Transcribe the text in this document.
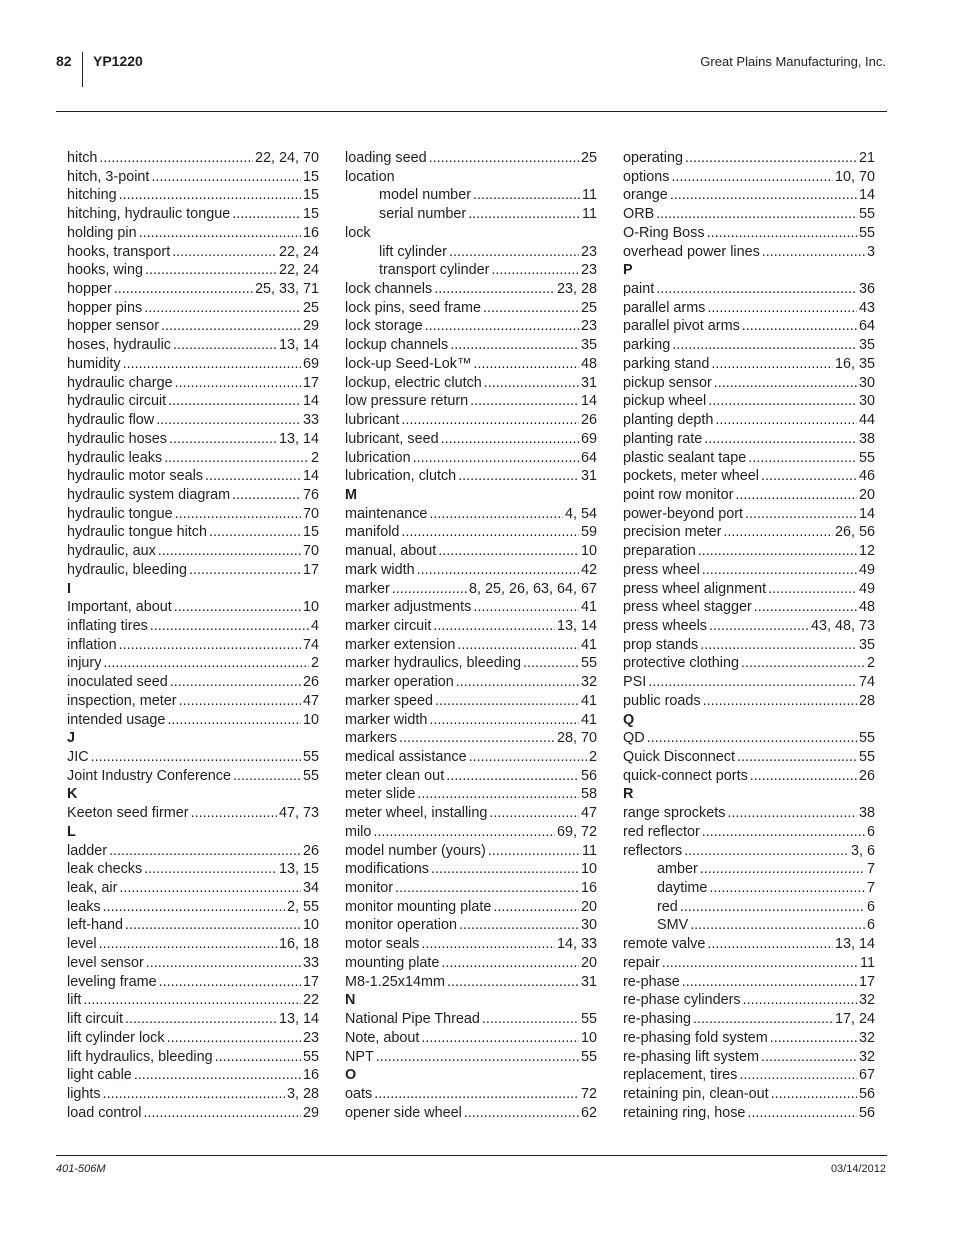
82 YP1220	Great Plains Manufacturing, Inc.
hitch .....	22, 24, 70
hitch, 3-point .....	15
hitching .....	15
hitching, hydraulic tongue .....	15
holding pin .....	16
hooks, transport .....	22, 24
hooks, wing .....	22, 24
hopper .....	25, 33, 71
hopper pins .....	25
hopper sensor .....	29
hoses, hydraulic .....	13, 14
humidity .....	69
hydraulic charge .....	17
hydraulic circuit .....	14
hydraulic flow .....	33
hydraulic hoses .....	13, 14
hydraulic leaks .....	2
hydraulic motor seals .....	14
hydraulic system diagram .....	76
hydraulic tongue .....	70
hydraulic tongue hitch .....	15
hydraulic, aux .....	70
hydraulic, bleeding .....	17
I
Important, about .....	10
inflating tires .....	4
inflation .....	74
injury .....	2
inoculated seed .....	26
inspection, meter .....	47
intended usage .....	10
J
JIC .....	55
Joint Industry Conference .....	55
K
Keeton seed firmer .....	47, 73
L
ladder .....	26
leak checks .....	13, 15
leak, air .....	34
leaks .....	2, 55
left-hand .....	10
level .....	16, 18
level sensor .....	33
leveling frame .....	17
lift .....	22
lift circuit .....	13, 14
lift cylinder lock .....	23
lift hydraulics, bleeding .....	55
light cable .....	16
lights .....	3, 28
load control .....	29
loading seed .....	25
location
model number .....	11
serial number .....	11
lock
lift cylinder .....	23
transport cylinder .....	23
lock channels .....	23, 28
lock pins, seed frame .....	25
lock storage .....	23
lockup channels .....	35
lock-up Seed-Lok™ .....	48
lockup, electric clutch .....	31
low pressure return .....	14
lubricant .....	26
lubricant, seed .....	69
lubrication .....	64
lubrication, clutch .....	31
M
maintenance .....	4, 54
manifold .....	59
manual, about .....	10
mark width .....	42
marker .....	8, 25, 26, 63, 64, 67
marker adjustments .....	41
marker circuit .....	13, 14
marker extension .....	41
marker hydraulics, bleeding .....	55
marker operation .....	32
marker speed .....	41
marker width .....	41
markers .....	28, 70
medical assistance .....	2
meter clean out .....	56
meter slide .....	58
meter wheel, installing .....	47
milo .....	69, 72
model number (yours) .....	11
modifications .....	10
monitor .....	16
monitor mounting plate .....	20
monitor operation .....	30
motor seals .....	14, 33
mounting plate .....	20
M8-1.25x14mm .....	31
N
National Pipe Thread .....	55
Note, about .....	10
NPT .....	55
O
oats .....	72
opener side wheel .....	62
operating .....	21
options .....	10, 70
orange .....	14
ORB .....	55
O-Ring Boss .....	55
overhead power lines .....	3
P
paint .....	36
parallel arms .....	43
parallel pivot arms .....	64
parking .....	35
parking stand .....	16, 35
pickup sensor .....	30
pickup wheel .....	30
planting depth .....	44
planting rate .....	38
plastic sealant tape .....	55
pockets, meter wheel .....	46
point row monitor .....	20
power-beyond port .....	14
precision meter .....	26, 56
preparation .....	12
press wheel .....	49
press wheel alignment .....	49
press wheel stagger .....	48
press wheels .....	43, 48, 73
prop stands .....	35
protective clothing .....	2
PSI .....	74
public roads .....	28
Q
QD .....	55
Quick Disconnect .....	55
quick-connect ports .....	26
R
range sprockets .....	38
red reflector .....	6
reflectors .....	3, 6
amber .....	7
daytime .....	7
red .....	6
SMV .....	6
remote valve .....	13, 14
repair .....	11
re-phase .....	17
re-phase cylinders .....	32
re-phasing .....	17, 24
re-phasing fold system .....	32
re-phasing lift system .....	32
replacement, tires .....	67
retaining pin, clean-out .....	56
retaining ring, hose .....	56
401-506M	03/14/2012
